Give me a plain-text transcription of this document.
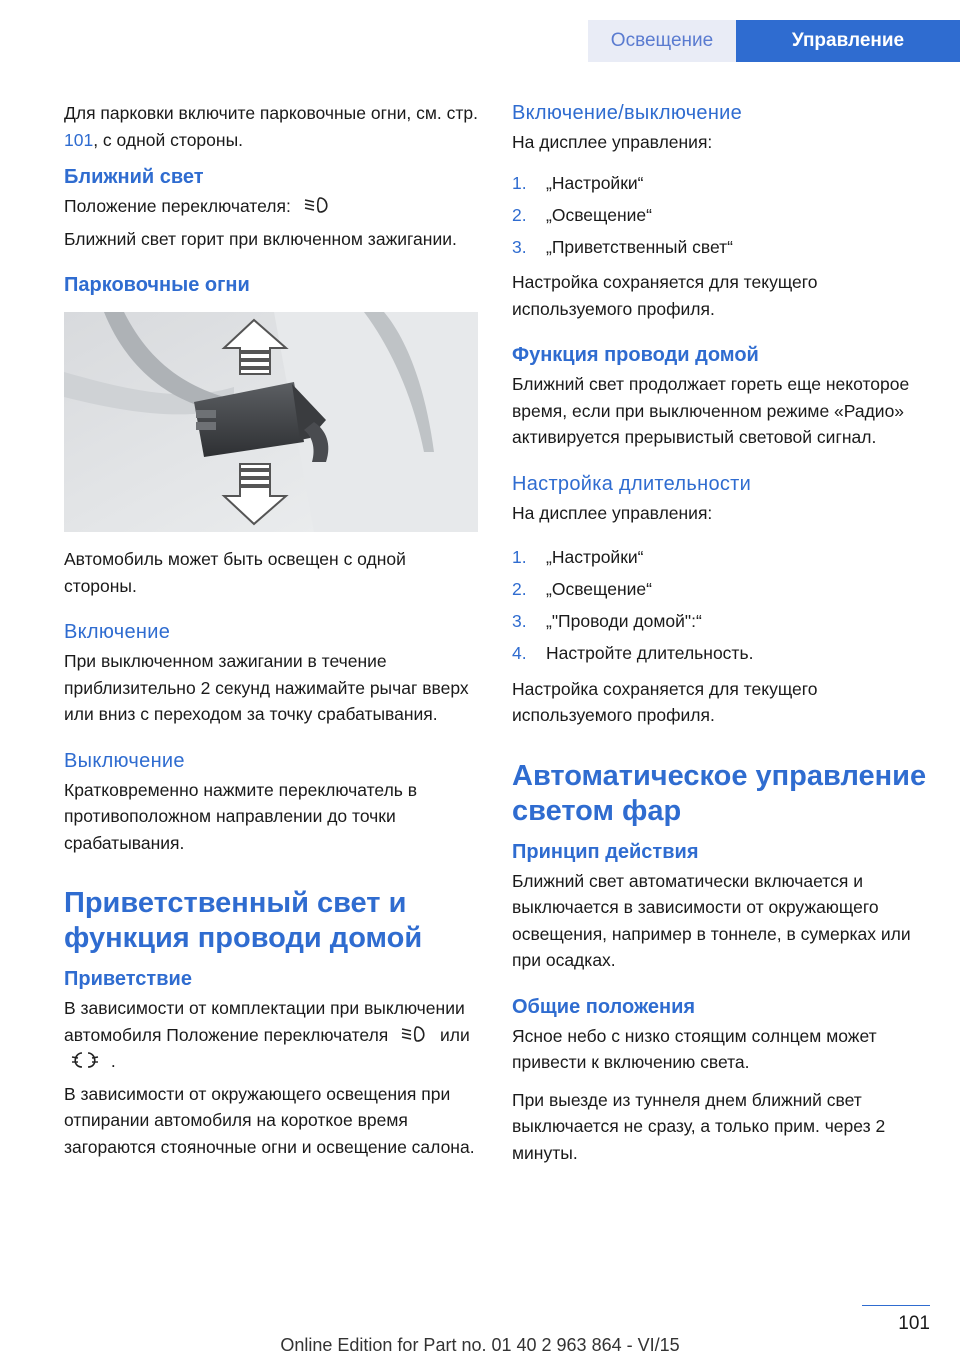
Освещение	Управление

Для парковки включите парковочные огни, см. стр. 101, с одной стороны.

Ближний свет

Положение переключателя:

Ближний свет горит при включенном зажигании.

Парковочные огни

Автомобиль может быть освещен с одной стороны.

Включение

При выключенном зажигании в течение приблизительно 2 секунд нажимайте рычаг вверх или вниз с переходом за точку срабатывания.

Выключение

Кратковременно нажмите переключатель в противоположном направлении до точки срабатывания.

Приветственный свет и функция проводи домой
Приветствие

В зависимости от комплектации при выключении автомобиля Положение переключателя	или  .

В зависимости от окружающего освещения при отпирании автомобиля на короткое время загораются стояночные огни и освещение салона.

Включение/выключение

На дисплее управления:

1.	„Настройки“
2.	„Освещение“
3.	„Приветственный свет“

Настройка сохраняется для текущего используемого профиля.

Функция проводи домой

Ближний свет продолжает гореть еще некоторое время, если при выключенном режиме «Радио» активируется прерывистый световой сигнал.

Настройка длительности

На дисплее управления:

1.	„Настройки“
2.	„Освещение“
3.	„"Проводи домой":“
4.	Настройте длительность.

Настройка сохраняется для текущего используемого профиля.

Автоматическое управление светом фар
Принцип действия

Ближний свет автоматически включается и выключается в зависимости от окружающего освещения, например в тоннеле, в сумерках или при осадках.

Общие положения

Ясное небо с низко стоящим солнцем может привести к включению света.

При выезде из туннеля днем ближний свет выключается не сразу, а только прим. через 2 минуты.

101
Online Edition for Part no. 01 40 2 963 864 - VI/15
